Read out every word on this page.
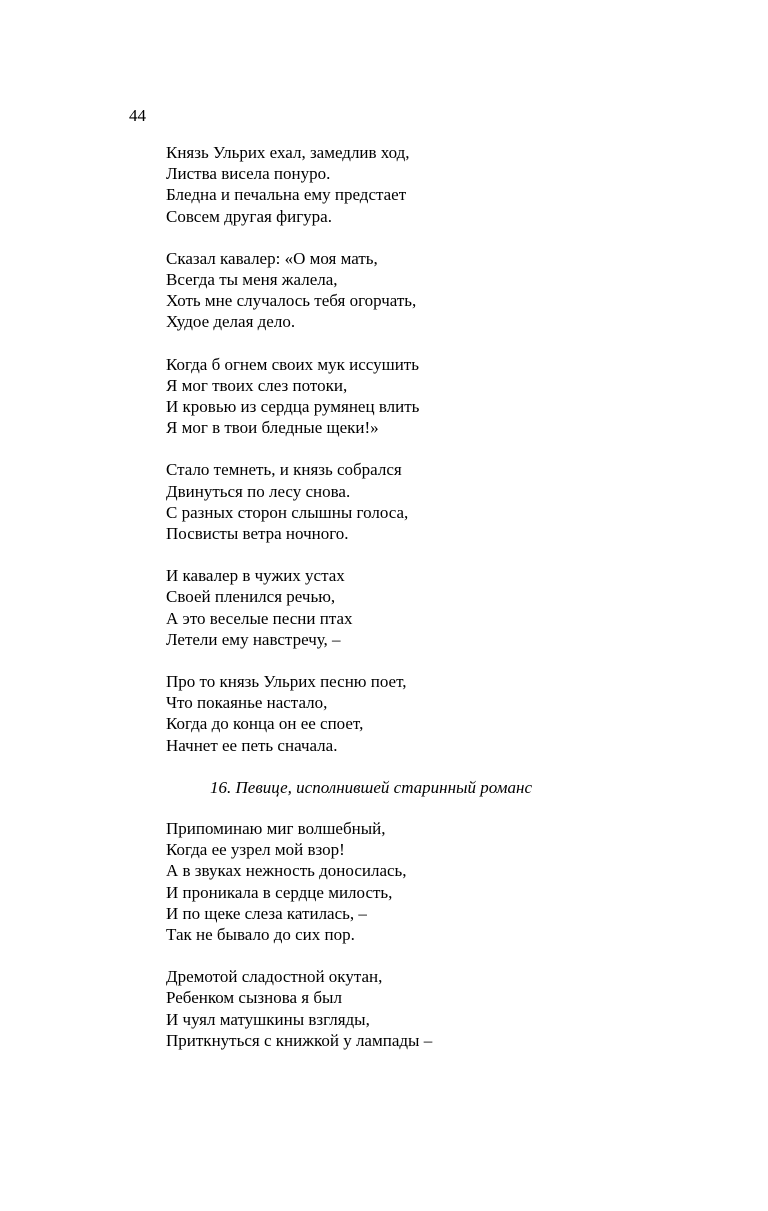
44
Князь Ульрих ехал, замедлив ход,
Листва висела понуро.
Бледна и печальна ему предстает
Совсем другая фигура.
Сказал кавалер: «О моя мать,
Всегда ты меня жалела,
Хоть мне случалось тебя огорчать,
Худое делая дело.
Когда б огнем своих мук иссушить
Я мог твоих слез потоки,
И кровью из сердца румянец влить
Я мог в твои бледные щеки!»
Стало темнеть, и князь собрался
Двинуться по лесу снова.
С разных сторон слышны голоса,
Посвисты ветра ночного.
И кавалер в чужих устах
Своей пленился речью,
А это веселые песни птах
Летели ему навстречу, –
Про то князь Ульрих песню поет,
Что покаянье настало,
Когда до конца он ее споет,
Начнет ее петь сначала.
16. Певице, исполнившей старинный романс
Припоминаю миг волшебный,
Когда ее узрел мой взор!
А в звуках нежность доносилась,
И проникала в сердце милость,
И по щеке слеза катилась, –
Так не бывало до сих пор.
Дремотой сладостной окутан,
Ребенком сызнова я был
И чуял матушкины взгляды,
Приткнуться с книжкой у лампады –
